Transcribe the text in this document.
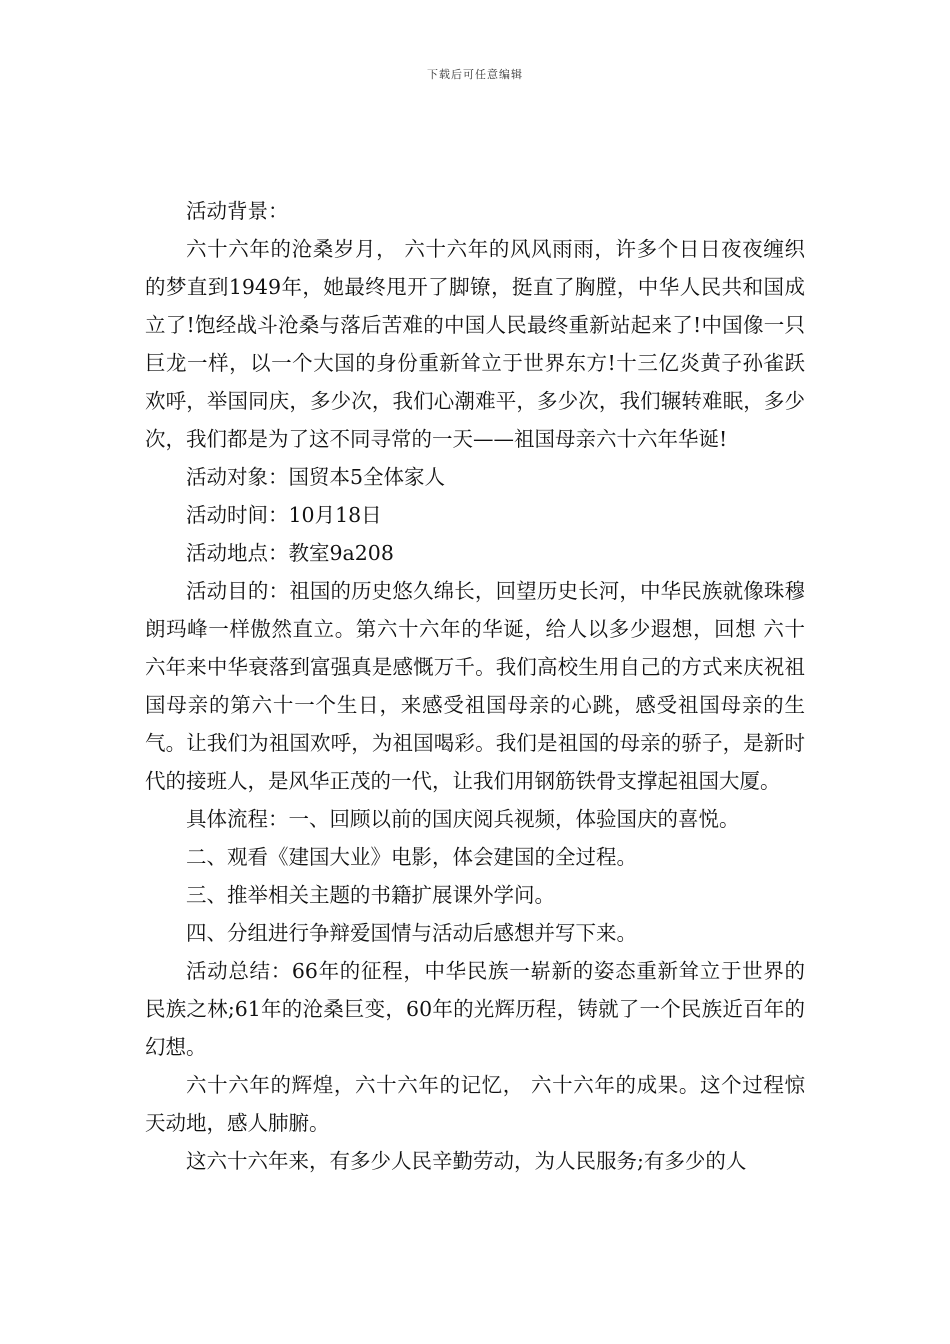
下载后可任意编辑

活动背景：

六十六年的沧桑岁月， 六十六年的风风雨雨，许多个日日夜夜缠织的梦直到1949年，她最终甩开了脚镣，挺直了胸膛，中华人民共和国成立了!饱经战斗沧桑与落后苦难的中国人民最终重新站起来了!中国像一只巨龙一样，以一个大国的身份重新耸立于世界东方!十三亿炎黄子孙雀跃欢呼，举国同庆，多少次，我们心潮难平，多少次，我们辗转难眠，多少次，我们都是为了这不同寻常的一天——祖国母亲六十六年华诞!

活动对象：国贸本5全体家人

活动时间：10月18日

活动地点：教室9a208

活动目的：祖国的历史悠久绵长，回望历史长河，中华民族就像珠穆朗玛峰一样傲然直立。第六十六年的华诞，给人以多少遐想，回想 六十六年来中华衰落到富强真是感慨万千。我们高校生用自己的方式来庆祝祖国母亲的第六十一个生日，来感受祖国母亲的心跳，感受祖国母亲的生气。让我们为祖国欢呼，为祖国喝彩。我们是祖国的母亲的骄子，是新时代的接班人，是风华正茂的一代，让我们用钢筋铁骨支撑起祖国大厦。

具体流程：一、回顾以前的国庆阅兵视频，体验国庆的喜悦。

二、观看《建国大业》电影，体会建国的全过程。

三、推举相关主题的书籍扩展课外学问。

四、分组进行争辩爱国情与活动后感想并写下来。

活动总结：66年的征程，中华民族一崭新的姿态重新耸立于世界的民族之林;61年的沧桑巨变，60年的光辉历程，铸就了一个民族近百年的幻想。

六十六年的辉煌，六十六年的记忆， 六十六年的成果。这个过程惊天动地，感人肺腑。

这六十六年来，有多少人民辛勤劳动，为人民服务;有多少的人
